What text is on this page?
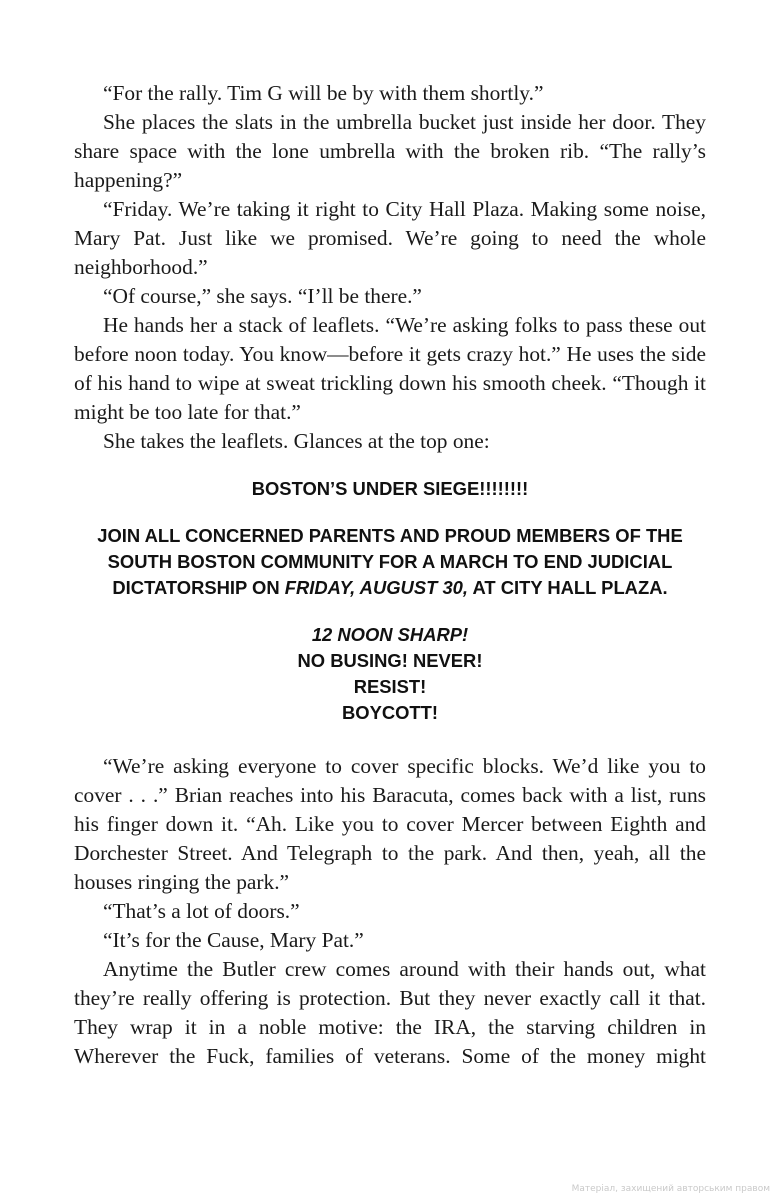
“For the rally. Tim G will be by with them shortly.”

She places the slats in the umbrella bucket just inside her door. They share space with the lone umbrella with the broken rib. “The rally’s happening?”

“Friday. We’re taking it right to City Hall Plaza. Making some noise, Mary Pat. Just like we promised. We’re going to need the whole neighborhood.”

“Of course,” she says. “I’ll be there.”

He hands her a stack of leaflets. “We’re asking folks to pass these out before noon today. You know—before it gets crazy hot.” He uses the side of his hand to wipe at sweat trickling down his smooth cheek. “Though it might be too late for that.”

She takes the leaflets. Glances at the top one:

BOSTON’S UNDER SIEGE!!!!!!!!
JOIN ALL CONCERNED PARENTS AND PROUD MEMBERS OF THE SOUTH BOSTON COMMUNITY FOR A MARCH TO END JUDICIAL DICTATORSHIP ON FRIDAY, AUGUST 30, AT CITY HALL PLAZA.
12 NOON SHARP!
NO BUSING! NEVER!
RESIST!
BOYCOTT!

“We’re asking everyone to cover specific blocks. We’d like you to cover . . .” Brian reaches into his Baracuta, comes back with a list, runs his finger down it. “Ah. Like you to cover Mercer between Eighth and Dorchester Street. And Telegraph to the park. And then, yeah, all the houses ringing the park.”

“That’s a lot of doors.”

“It’s for the Cause, Mary Pat.”

Anytime the Butler crew comes around with their hands out, what they’re really offering is protection. But they never exactly call it that. They wrap it in a noble motive: the IRA, the starving children in Wherever the Fuck, families of veterans. Some of the money might

Матеріал, захищений авторським правом
